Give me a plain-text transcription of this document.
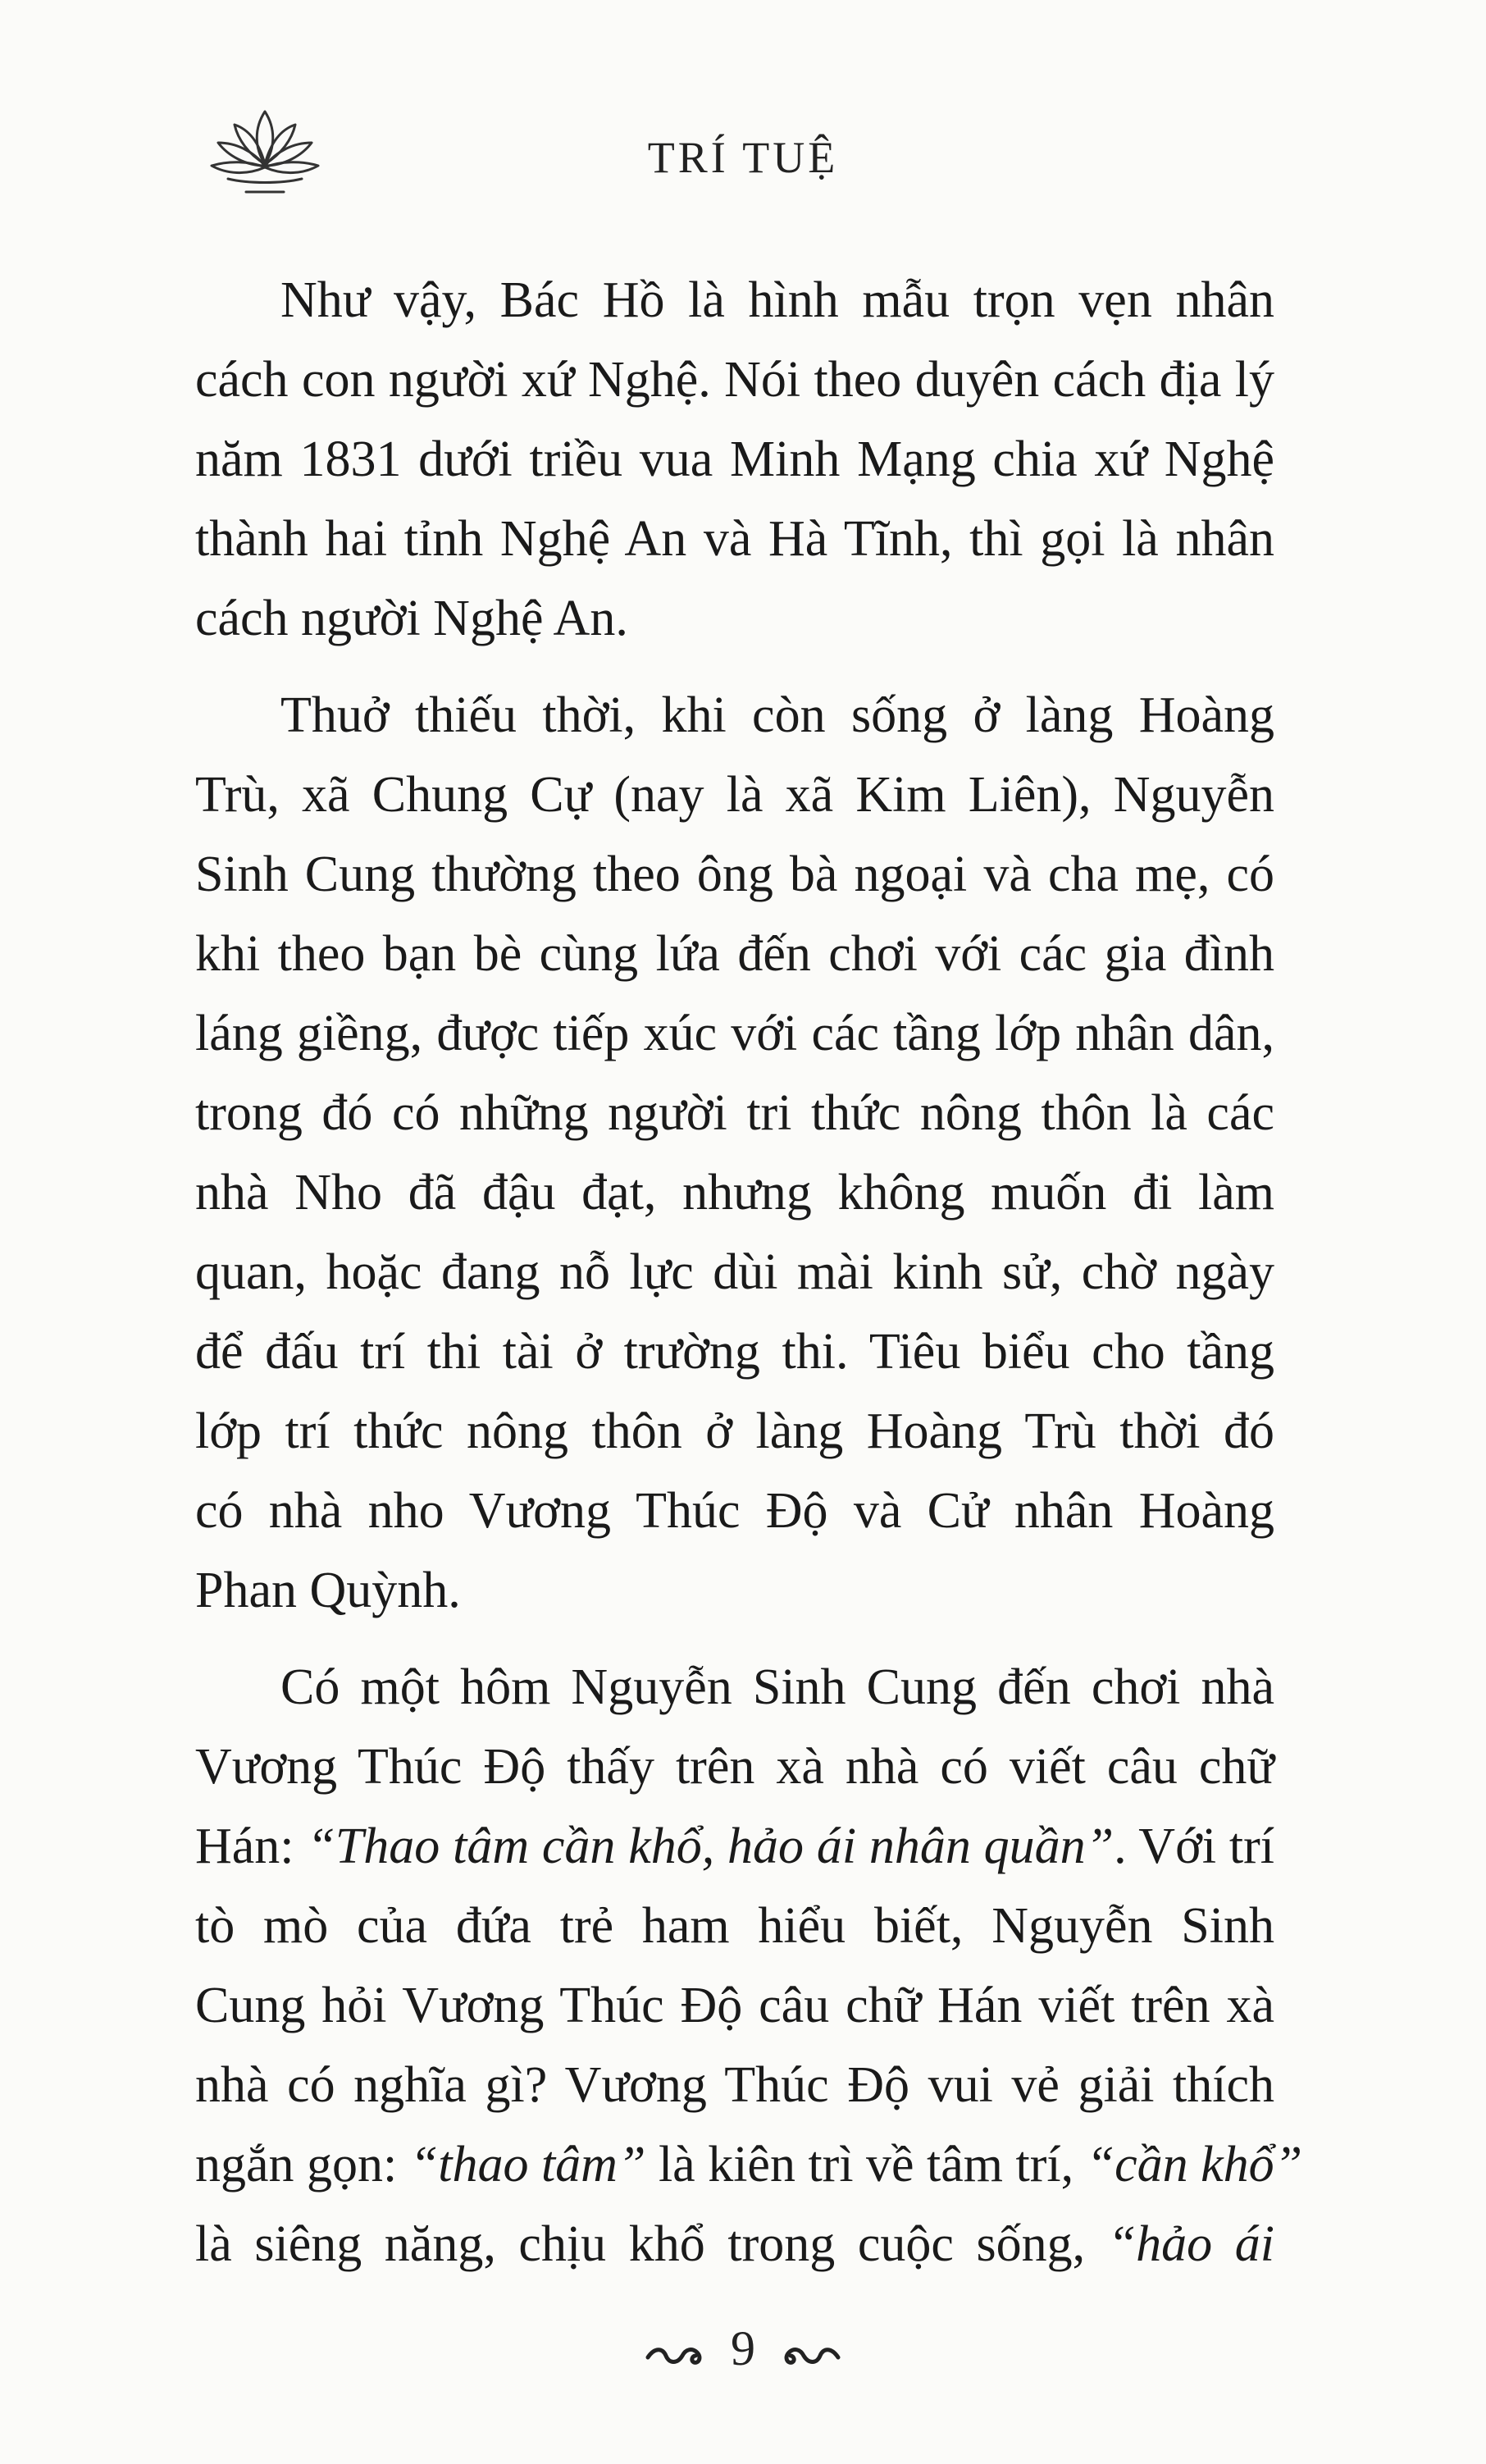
TRÍ TUỆ
Như vậy, Bác Hồ là hình mẫu trọn vẹn nhân
cách con người xứ Nghệ. Nói theo duyên cách địa lý
năm 1831 dưới triều vua Minh Mạng chia xứ Nghệ
thành hai tỉnh Nghệ An và Hà Tĩnh, thì gọi là nhân
cách người Nghệ An.
Thuở thiếu thời, khi còn sống ở làng Hoàng
Trù, xã Chung Cự (nay là xã Kim Liên), Nguyễn
Sinh Cung thường theo ông bà ngoại và cha mẹ, có
khi theo bạn bè cùng lứa đến chơi với các gia đình
láng giềng, được tiếp xúc với các tầng lớp nhân dân,
trong đó có những người tri thức nông thôn là các
nhà Nho đã đậu đạt, nhưng không muốn đi làm
quan, hoặc đang nỗ lực dùi mài kinh sử, chờ ngày
để đấu trí thi tài ở trường thi. Tiêu biểu cho tầng
lớp trí thức nông thôn ở làng Hoàng Trù thời đó
có nhà nho Vương Thúc Độ và Cử nhân Hoàng
Phan Quỳnh.
Có một hôm Nguyễn Sinh Cung đến chơi nhà
Vương Thúc Độ thấy trên xà nhà có viết câu chữ
Hán: “Thao tâm cần khổ, hảo ái nhân quần”. Với trí
tò mò của đứa trẻ ham hiểu biết, Nguyễn Sinh
Cung hỏi Vương Thúc Độ câu chữ Hán viết trên xà
nhà có nghĩa gì? Vương Thúc Độ vui vẻ giải thích
ngắn gọn: “thao tâm” là kiên trì về tâm trí, “cần khổ”
là siêng năng, chịu khổ trong cuộc sống, “hảo ái
9
